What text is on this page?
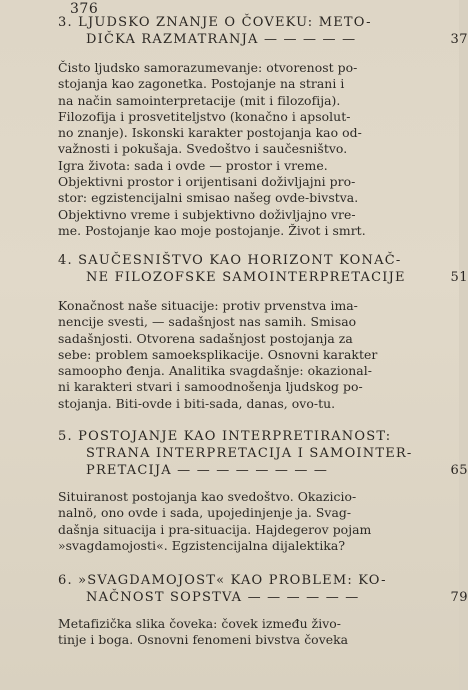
376
3. LJUDSKO ZNANJE O ČOVEKU: METO-
DIČKA RAZMATRANJA — — — — —	37
Čisto ljudsko samorazumevanje: otvorenost po-
stojanja kao zagonetka. Postojanje na strani i
na način samointerpretacije (mit i filozofija).
Filozofija i prosvetiteljstvo (konačno i apsolut-
no znanje). Iskonski karakter postojanja kao od-
važnosti i pokušaja. Svedoštvo i saučesništvo.
Igra života: sada i ovde — prostor i vreme.
Objektivni prostor i orijentisani doživljajni pro-
stor: egzistencijalni smisao našeg ovde-bivstva.
Objektivno vreme i subjektivno doživljajno vre-
me. Postojanje kao moje postojanje. Život i smrt.
4. SAUČESNIŠTVO KAO HORIZONT KONAČ-
NE FILOZOFSKE SAMOINTERPRETACIJE	51
Konačnost naše situacije: protiv prvenstva ima-
nencije svesti, — sadašnjost nas samih. Smisao
sadašnjosti. Otvorena sadašnjost postojanja za
sebe: problem samoeksplikacije. Osnovni karakter
samoopho đenja. Analitika svagdašnje: okazional-
ni karakteri stvari i samoodnošenja ljudskog po-
stojanja. Biti-ovde i biti-sada, danas, ovo-tu.
5. POSTOJANJE KAO INTERPRETIRANOST:
STRANA INTERPRETACIJA I SAMOINTER-
PRETACIJA — — — — — — — —	65
Situiranost postojanja kao svedoštvo. Okazicio-
nalnö, ono ovde i sada, upojedinjenje ja. Svag-
dašnja situacija i pra-situacija. Hajdegerov pojam
»svagdamojosti«. Egzistencijalna dijalektika?
6. »SVAGDAMOJOST« KAO PROBLEM: KO-
NAČNOST SOPSTVA — — — — — —	79
Metafizička slika čoveka: čovek između živo-
tinje i boga. Osnovni fenomeni bivstva čoveka
